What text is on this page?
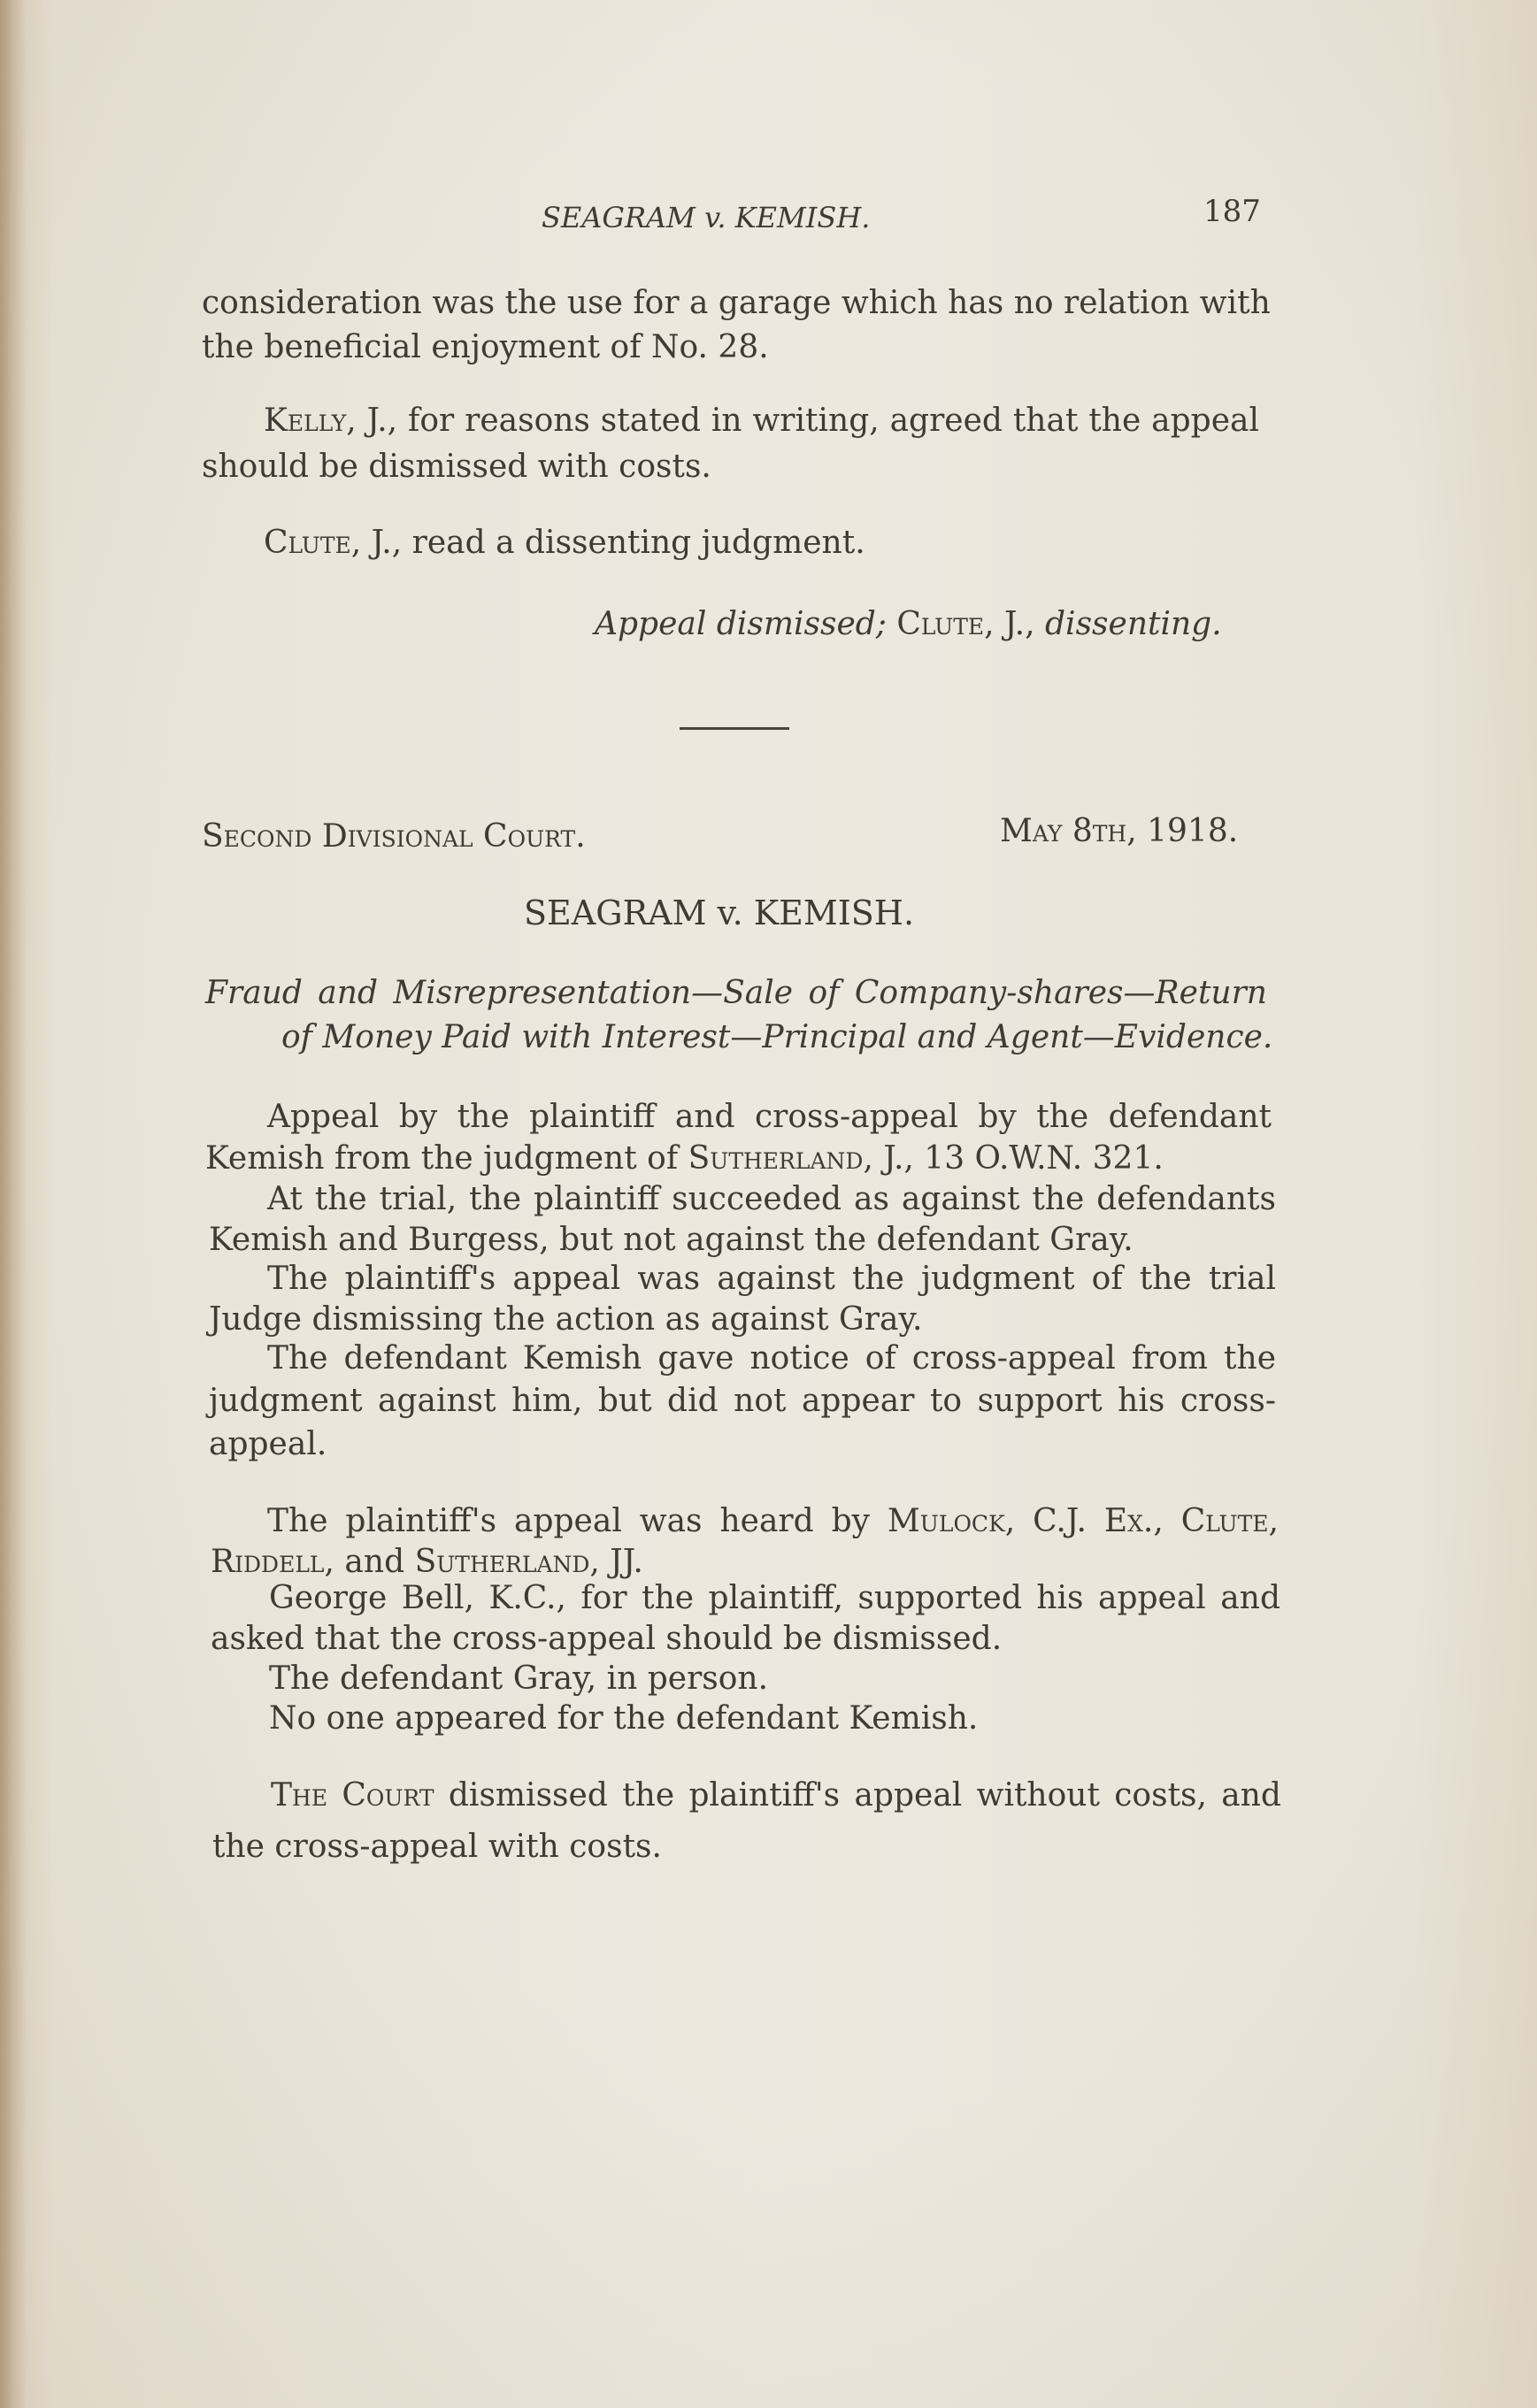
SEAGRAM v. KEMISH.	187
consideration was the use for a garage which has no relation with
the beneficial enjoyment of No. 28.
Kelly, J., for reasons stated in writing, agreed that the appeal
should be dismissed with costs.
Clute, J., read a dissenting judgment.
Appeal dismissed; Clute, J., dissenting.
Second Divisional Court.	May 8th, 1918.
SEAGRAM v. KEMISH.
Fraud and Misrepresentation—Sale of Company-shares—Return
of Money Paid with Interest—Principal and Agent—Evidence.
Appeal by the plaintiff and cross-appeal by the defendant
Kemish from the judgment of Sutherland, J., 13 O.W.N. 321.
At the trial, the plaintiff succeeded as against the defendants
Kemish and Burgess, but not against the defendant Gray.
The plaintiff's appeal was against the judgment of the trial
Judge dismissing the action as against Gray.
The defendant Kemish gave notice of cross-appeal from the
judgment against him, but did not appear to support his cross-
appeal.
The plaintiff's appeal was heard by Mulock, C.J. Ex., Clute,
Riddell, and Sutherland, JJ.
George Bell, K.C., for the plaintiff, supported his appeal and
asked that the cross-appeal should be dismissed.
The defendant Gray, in person.
No one appeared for the defendant Kemish.
The Court dismissed the plaintiff's appeal without costs, and
the cross-appeal with costs.
